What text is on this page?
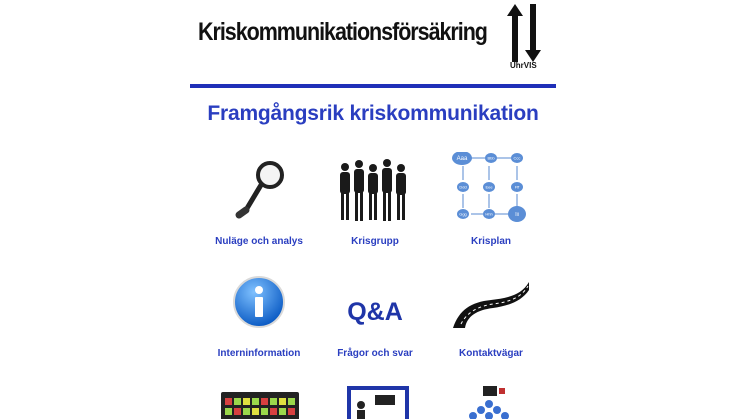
Kriskommunikationsförsäkring
UhrVIS
Framgångsrik kriskommunikation
Nuläge och analys	Krisgrupp
Aaa	Bbb	Ccc
Ddd	Eee	Fff
Ggg	Hhh	Iii
Krisplan
Interninformation
Q&A
Frågor och svar	Kontaktvägar
